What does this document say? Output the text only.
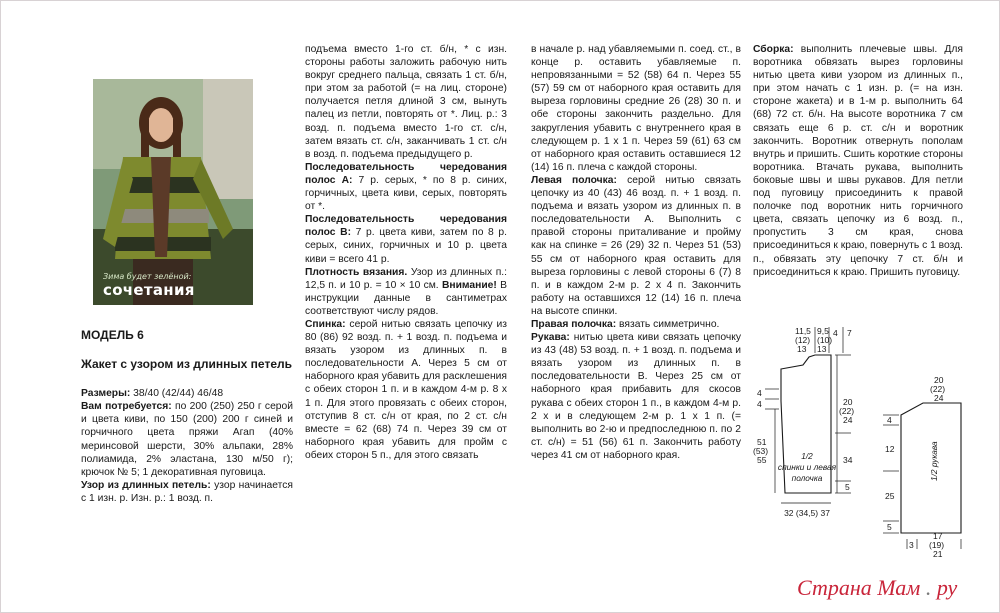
Зима будет зелёной:
сочетания
МОДЕЛЬ 6
Жакет с узором из длинных петель

Размеры: 38/40 (42/44) 46/48

Вам потребуется: по 200 (250) 250 г серой и цвета киви, по 150 (200) 200 г синей и горчичного цвета пряжи Агап (40% меринсовой шерсти, 30% альпаки, 28% полиамида, 2% эластана, 130 м/50 г); крючок № 5; 1 декоративная пуговица.

Узор из длинных петель: узор начинается с 1 изн. р. Изн. р.: 1 возд. п.

подъема вместо 1-го ст. б/н, * с изн. стороны работы заложить рабочую нить вокруг среднего пальца, связать 1 ст. б/н, при этом за работой (= на лиц. стороне) получается петля длиной 3 см, вынуть палец из петли, повторять от *. Лиц. р.: 3 возд. п. подъема вместо 1-го ст. с/н, затем вязать ст. с/н, заканчивать 1 ст. с/н в возд. п. подъема предыдущего р.

Последовательность чередования полос А: 7 р. серых, * по 8 р. синих, горчичных, цвета киви, серых, повторять от *.

Последовательность чередования полос В: 7 р. цвета киви, затем по 8 р. серых, синих, горчичных и 10 р. цвета киви = всего 41 р.

Плотность вязания. Узор из длинных п.: 12,5 п. и 10 р. = 10 × 10 см. Внимание! В инструкции данные в сантиметрах соответствуют числу рядов.

Спинка: серой нитью связать цепочку из 80 (86) 92 возд. п. + 1 возд. п. подъема и вязать узором из длинных п. в последовательности А. Через 5 см от наборного края убавить для расклешения с обеих сторон 1 п. и в каждом 4-м р. 8 х 1 п. Для этого провязать с обеих сторон, отступив 8 ст. с/н от края, по 2 ст. с/н вместе = 62 (68) 74 п. Через 39 см от наборного края убавить для пройм с обеих сторон 5 п., для этого связать

в начале р. над убавляемыми п. соед. ст., в конце р. оставить убавляемые п. непровязанными = 52 (58) 64 п. Через 55 (57) 59 см от наборного края оставить для выреза горловины средние 26 (28) 30 п. и обе стороны закончить раздельно. Для закругления убавить с внутреннего края в следующем р. 1 х 1 п. Через 59 (61) 63 см от наборного края оставить оставшиеся 12 (14) 16 п. плеча с каждой стороны.

Левая полочка: серой нитью связать цепочку из 40 (43) 46 возд. п. + 1 возд. п. подъема и вязать узором из длинных п. в последовательности А. Выполнить с правой стороны приталивание и пройму как на спинке = 26 (29) 32 п. Через 51 (53) 55 см от наборного края оставить для выреза горловины с левой стороны 6 (7) 8 п. и в каждом 2-м р. 2 х 4 п. Закончить работу на оставшихся 12 (14) 16 п. плеча на высоте спинки.

Правая полочка: вязать симметрично.

Рукава: нитью цвета киви связать цепочку из 43 (48) 53 возд. п. + 1 возд. п. подъема и вязать узором из длинных п. в последовательности В. Через 25 см от наборного края прибавить для скосов рукава с обеих сторон 1 п., в каждом 4-м р. 2 х и в следующем 2-м р. 1 х 1 п. (= выполнить во 2-ю и предпоследнюю п. по 2 ст. с/н) = 51 (56) 61 п. Закончить работу через 41 см от наборного края.

Сборка: выполнить плечевые швы. Для воротника обвязать вырез горловины нитью цвета киви узором из длинных п., при этом начать с 1 изн. р. (= на изн. стороне жакета) и в 1-м р. выполнить 64 (68) 72 ст. б/н. На высоте воротника 7 см связать еще 6 р. ст. с/н и воротник закончить. Воротник отвернуть пополам внутрь и пришить. Сшить короткие стороны воротника. Втачать рукава, выполнить боковые швы и швы рукавов. Для петли под пуговицу присоединить к правой полочке под воротник нить горчичного цвета, связать цепочку из 6 возд. п., пропустить 3 см края, снова присоединиться к краю, повернуть с 1 возд. п., обвязать эту цепочку 7 ст. б/н и присоединиться к краю. Пришить пуговицу.

11,5
(12)
13
9,5
(10)
13
4 7
4
4
51
(53)
55
20
(22)
24
34
5
1/2
спинки и левая
полочка
32 (34,5) 37
20
(22)
24
4
12
25
5
1/2 рукава
3
17
(19)
21
Страна Мам . ру
